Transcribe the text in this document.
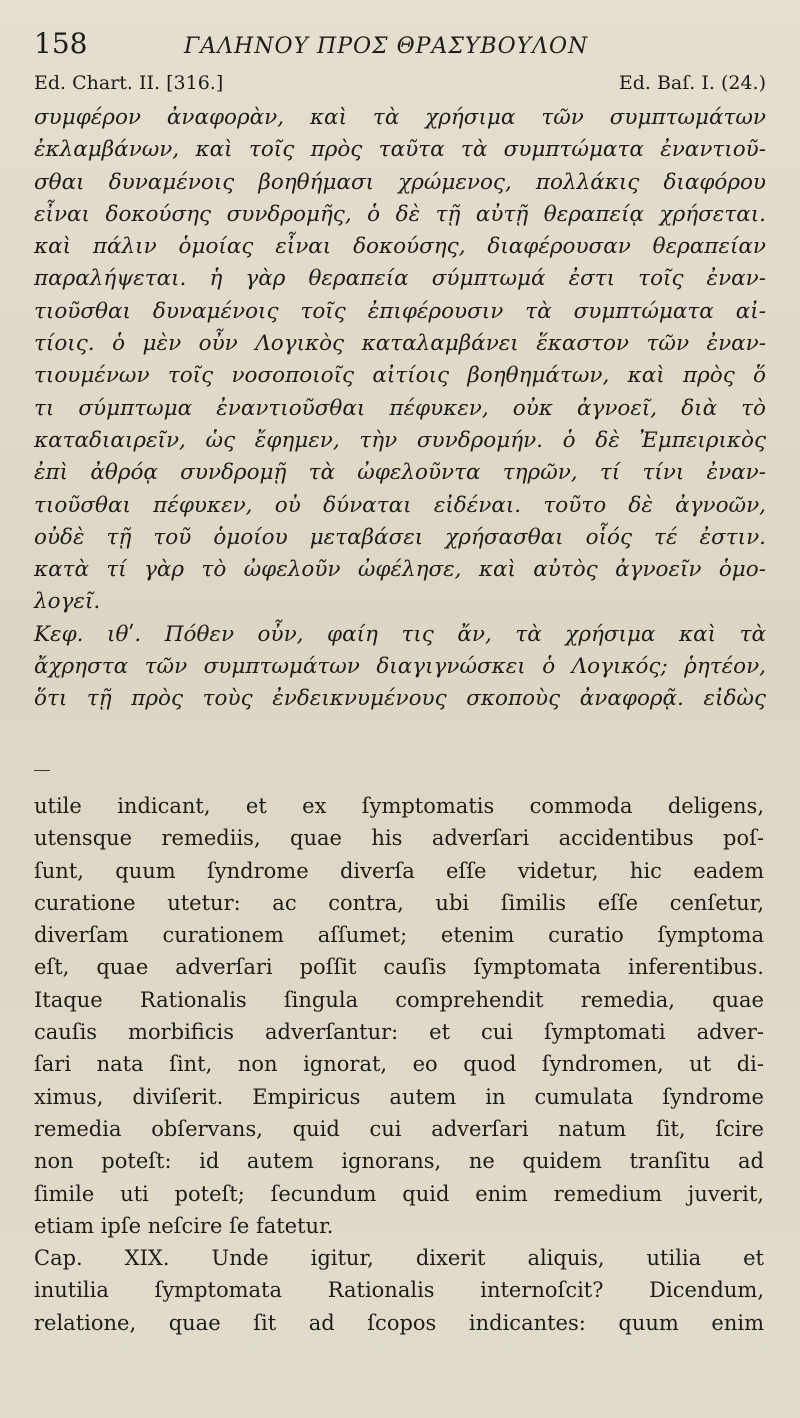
158	ΓΑΛΗΝΟΥ ΠΡΟΣ ΘΡΑΣΥΒΟΥΛΟΝ
Ed. Chart. II. [316.]	Ed. Baſ. I. (24.)
συμφέρον ἀναφορὰν, καὶ τὰ χρήσιμα τῶν συμπτωμάτων
ἐκλαμβάνων, καὶ τοῖς πρὸς ταῦτα τὰ συμπτώματα ἐναντιοῦ-
σθαι δυναμένοις βοηθήμασι χρώμενος, πολλάκις διαφόρου
εἶναι δοκούσης συνδρομῆς, ὁ δὲ τῇ αὐτῇ θεραπείᾳ χρήσεται.
καὶ πάλιν ὁμοίας εἶναι δοκούσης, διαφέρουσαν θεραπείαν
παραλήψεται. ἡ γὰρ θεραπεία σύμπτωμά ἐστι τοῖς ἐναν-
τιοῦσθαι δυναμένοις τοῖς ἐπιφέρουσιν τὰ συμπτώματα αἰ-
τίοις. ὁ μὲν οὖν Λογικὸς καταλαμβάνει ἕκαστον τῶν ἐναν-
τιουμένων τοῖς νοσοποιοῖς αἰτίοις βοηθημάτων, καὶ πρὸς ὅ
τι σύμπτωμα ἐναντιοῦσθαι πέφυκεν, οὐκ ἀγνοεῖ, διὰ τὸ
καταδιαιρεῖν, ὡς ἔφημεν, τὴν συνδρομήν. ὁ δὲ Ἐμπειρικὸς
ἐπὶ ἀθρόᾳ συνδρομῇ τὰ ὠφελοῦντα τηρῶν, τί τίνι ἐναν-
τιοῦσθαι πέφυκεν, οὐ δύναται εἰδέναι. τοῦτο δὲ ἀγνοῶν,
οὐδὲ τῇ τοῦ ὁμοίου μεταβάσει χρήσασθαι οἷός τέ ἐστιν.
κατὰ τί γὰρ τὸ ὠφελοῦν ὠφέλησε, καὶ αὐτὸς ἀγνοεῖν ὁμο-
λογεῖ.
Κεφ. ιθʹ. Πόθεν οὖν, φαίη τις ἄν, τὰ χρήσιμα καὶ τὰ
ἄχρηστα τῶν συμπτωμάτων διαγιγνώσκει ὁ Λογικός; ῥητέον,
ὅτι τῇ πρὸς τοὺς ἐνδεικνυμένους σκοποὺς ἀναφορᾷ. εἰδὼς
utile indicant, et ex ſymptomatis commoda deligens,
utensque remediis, quae his adverſari accidentibus poſ-
ſunt, quum ſyndrome diverſa eſſe videtur, hic eadem
curatione utetur: ac contra, ubi ſimilis eſſe cenſetur,
diverſam curationem aſſumet; etenim curatio ſymptoma
eſt, quae adverſari poſſit cauſis ſymptomata inferentibus.
Itaque Rationalis ſingula comprehendit remedia, quae
cauſis morbificis adverſantur: et cui ſymptomati adver-
ſari nata ſint, non ignorat, eo quod ſyndromen, ut di-
ximus, diviſerit. Empiricus autem in cumulata ſyndrome
remedia obſervans, quid cui adverſari natum ſit, ſcire
non poteſt: id autem ignorans, ne quidem tranſitu ad
ſimile uti poteſt; ſecundum quid enim remedium juverit,
etiam ipſe neſcire ſe fatetur.
Cap. XIX. Unde igitur, dixerit aliquis, utilia et
inutilia ſymptomata Rationalis internoſcit? Dicendum,
relatione, quae ſit ad ſcopos indicantes: quum enim
